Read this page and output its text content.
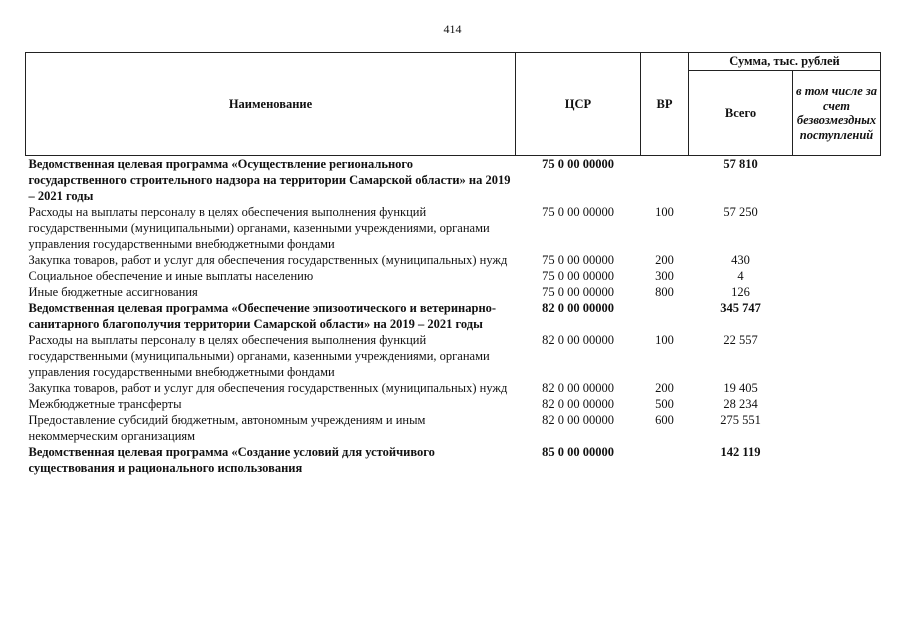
414
Наименование	ЦСР	ВР	Сумма, тыс. рублей	
			Всего	в том числе за счет безвозмездных поступлений
Ведомственная целевая программа «Осуществление регионального государственного строительного надзора на территории Самарской области» на 2019 – 2021 годы	75 0 00 00000		57 810	
Расходы на выплаты персоналу в целях обеспечения выполнения функций государственными (муниципальными) органами, казенными учреждениями, органами управления государственными внебюджетными фондами	75 0 00 00000	100	57 250	
Закупка товаров, работ и услуг для обеспечения государственных (муниципальных) нужд	75 0 00 00000	200	430	
Социальное обеспечение и иные выплаты населению	75 0 00 00000	300	4	
Иные бюджетные ассигнования	75 0 00 00000	800	126	
Ведомственная целевая программа «Обеспечение эпизоотического и ветеринарно-санитарного благополучия территории Самарской области» на 2019 – 2021 годы	82 0 00 00000		345 747	
Расходы на выплаты персоналу в целях обеспечения выполнения функций государственными (муниципальными) органами, казенными учреждениями, органами управления государственными внебюджетными фондами	82 0 00 00000	100	22 557	
Закупка товаров, работ и услуг для обеспечения государственных (муниципальных) нужд	82 0 00 00000	200	19 405	
Межбюджетные трансферты	82 0 00 00000	500	28 234	
Предоставление субсидий бюджетным, автономным учреждениям и иным некоммерческим организациям	82 0 00 00000	600	275 551	
Ведомственная целевая программа «Создание условий для устойчивого существования и рационального использования	85 0 00 00000		142 119	
